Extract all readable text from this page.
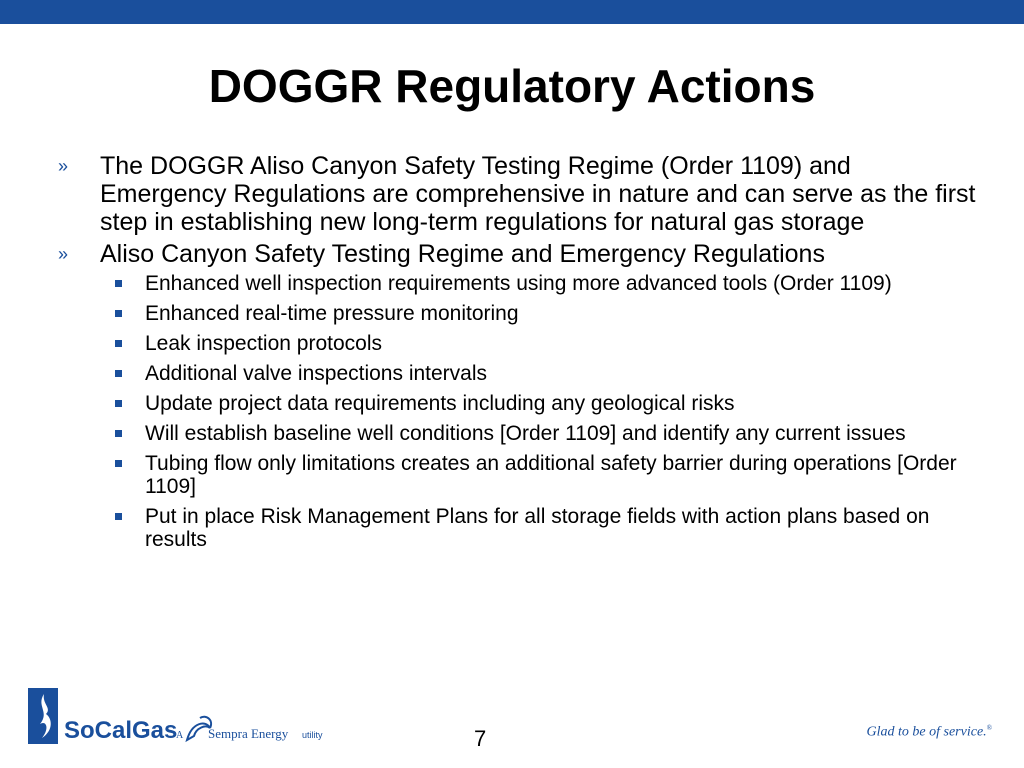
DOGGR Regulatory Actions
» The DOGGR Aliso Canyon Safety Testing Regime (Order 1109) and Emergency Regulations are comprehensive in nature and can serve as the first step in establishing new long-term regulations for natural gas storage
» Aliso Canyon Safety Testing Regime and Emergency Regulations
Enhanced well inspection requirements using more advanced tools (Order 1109)
Enhanced real-time pressure monitoring
Leak inspection protocols
Additional valve inspections intervals
Update project data requirements including any geological risks
Will establish baseline well conditions [Order 1109] and identify any current issues
Tubing flow only limitations creates an additional safety barrier during operations [Order 1109]
Put in place Risk Management Plans for all storage fields with action plans based on results
SoCalGas
A Sempra Energy utility	7	Glad to be of service.®
